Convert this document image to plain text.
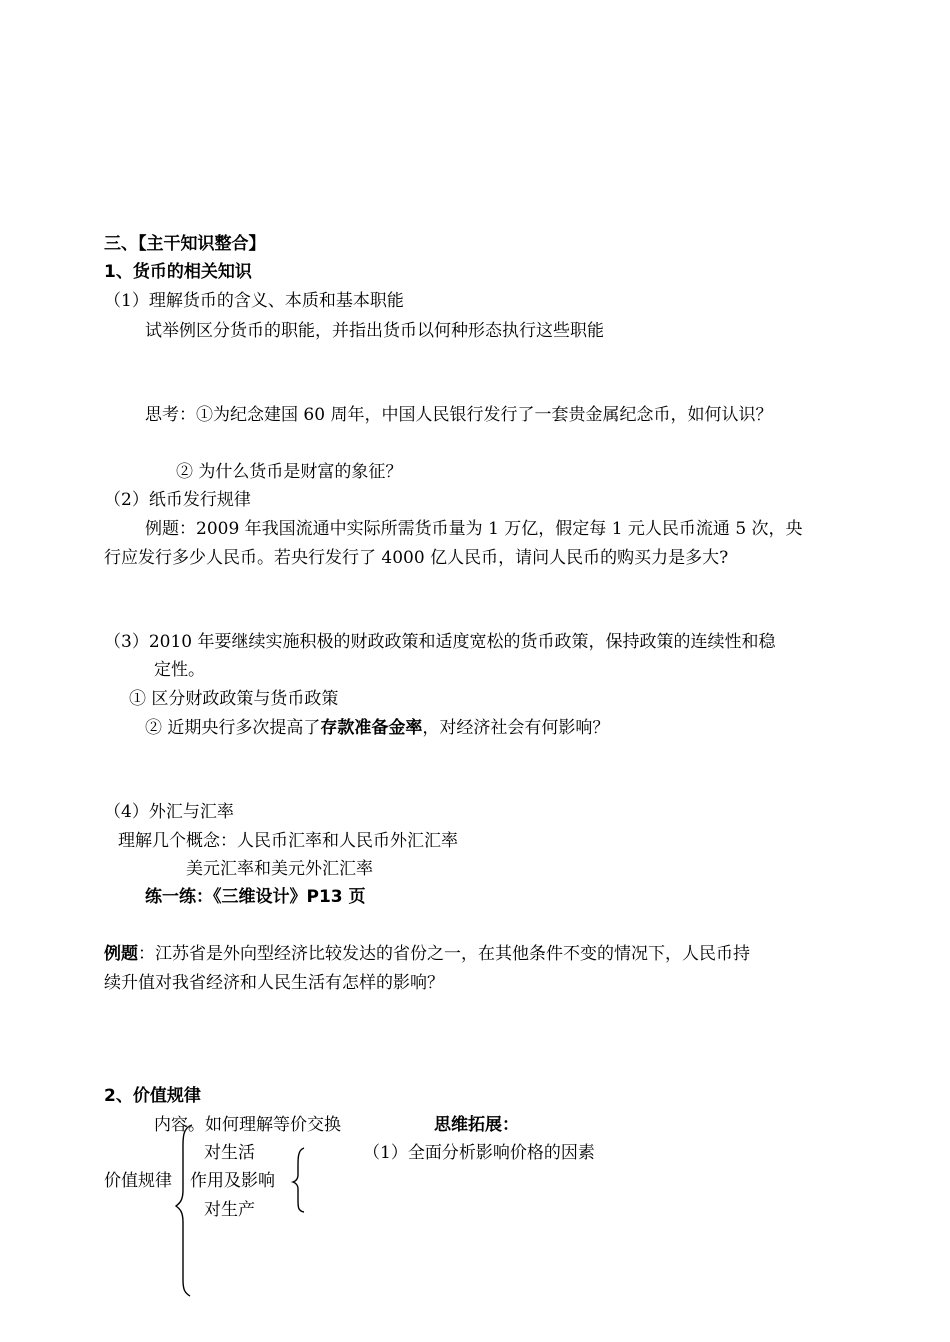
三、【主干知识整合】
1、货币的相关知识
（1）理解货币的含义、本质和基本职能
试举例区分货币的职能，并指出货币以何种形态执行这些职能
思考：①为纪念建国 60 周年，中国人民银行发行了一套贵金属纪念币，如何认识？
② 为什么货币是财富的象征？
（2）纸币发行规律
例题：2009 年我国流通中实际所需货币量为 1 万亿，假定每 1 元人民币流通 5 次，央
行应发行多少人民币。若央行发行了 4000 亿人民币，请问人民币的购买力是多大?
（3）2010 年要继续实施积极的财政政策和适度宽松的货币政策，保持政策的连续性和稳
定性。
① 区分财政政策与货币政策
② 近期央行多次提高了存款准备金率，对经济社会有何影响？
（4）外汇与汇率
理解几个概念：人民币汇率和人民币外汇汇率
美元汇率和美元外汇汇率
练一练：《三维设计》P13 页
例题：江苏省是外向型经济比较发达的省份之一，在其他条件不变的情况下，人民币持
续升值对我省经济和人民生活有怎样的影响？
2、价值规律
内容。如何理解等价交换	思维拓展：
对生活	（1）全面分析影响价格的因素
价值规律 作用及影响
对生产
